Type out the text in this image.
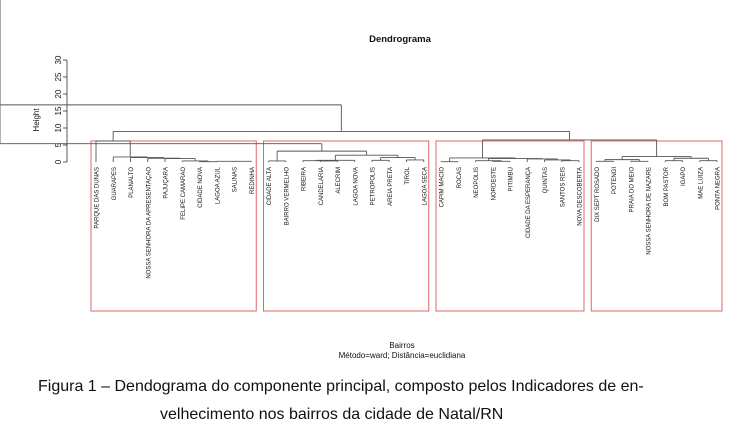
Dendrograma
Height
0
5
10
15
20
25
30
PARQUE DAS DUNAS GUARAPES PLANALTO NOSSA SENHORA DA APRESENTAÇAO PAJUÇARA FELIPE CAMARAO CIDADE NOVA LAGOA AZUL SALINAS REDINHA CIDADE ALTA BAIRRO VERMELHO RIBEIRA CANDELARIA ALECRIM LAGOA NOVA PETROPOLIS AREIA PRETA TIROL LAGOA SECA CAPIM MACIO ROCAS NEOPOLIS NORDESTE PITIMBU CIDADE DA ESPERANÇA QUINTAS SANTOS REIS NOVA DESCOBERTA DIX SEPT ROSADO POTENGI PRAIA DO MEIO NOSSA SENHORA DE NAZARE BOM PASTOR IGAPO MAE LUIZA PONTA NEGRA
Bairros
Método=ward; Distância=euclidiana
Figura 1 – Dendograma do componente principal, composto pelos Indicadores de en-
velhecimento nos bairros da cidade de Natal/RN
